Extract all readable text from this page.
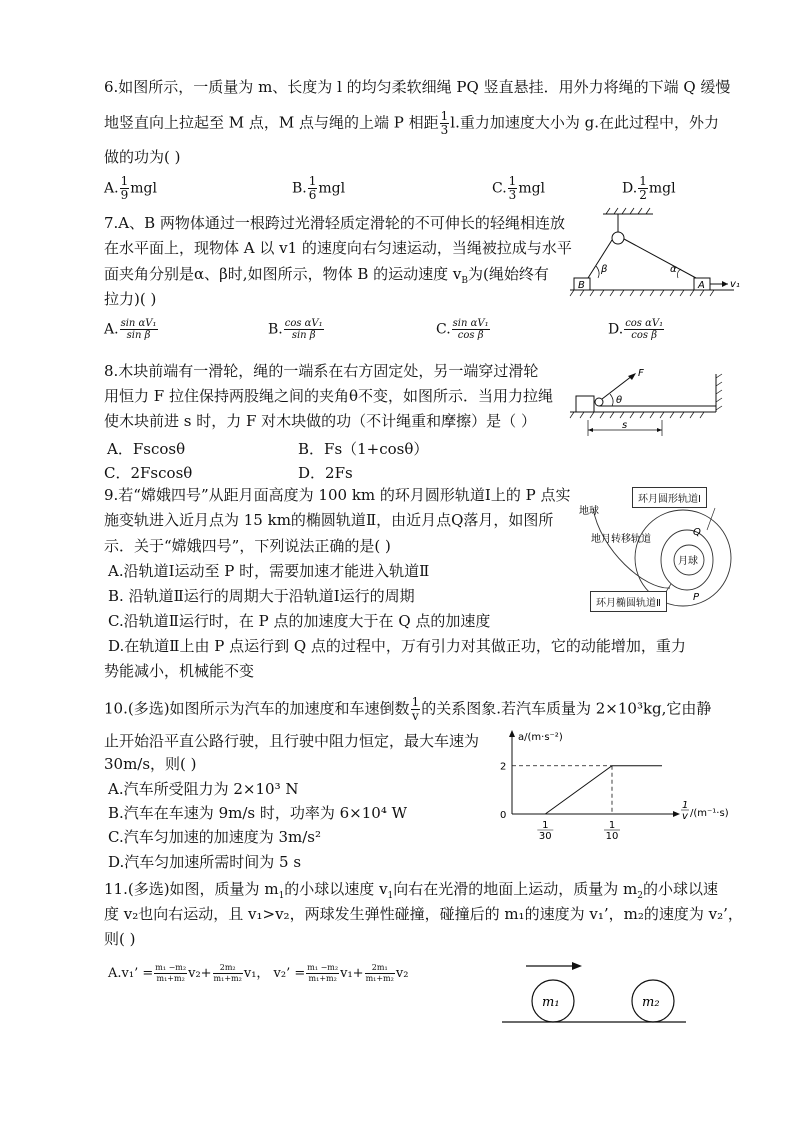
6.如图所示，一质量为 m、长度为 l 的均匀柔软细绳 PQ 竖直悬挂．用外力将绳的下端 Q 缓慢
地竖直向上拉起至 M 点，M 点与绳的上端 P 相距 $\frac{1}{3} l$.重力加速度大小为 g.在此过程中，外力
做的功为( )
A. $\frac{1}{9}$ mgl	B. $\frac{1}{6}$ mgl	C. $\frac{1}{3}$ mgl	D. $\frac{1}{2}$ mgl
7.A、B 两物体通过一根跨过光滑轻质定滑轮的不可伸长的轻绳相连放
在水平面上，现物体 A 以 v1 的速度向右匀速运动，当绳被拉成与水平
面夹角分别是α、β时,如图所示，物体 B 的运动速度 $v_B$为(绳始终有
拉力)( )
A. $\frac{\text{sin αV₁}}{\text{sin β}}$	B. $\frac{\text{cos αV₁}}{\text{sin β}}$	C. $\frac{\text{sin αV₁}}{\text{cos β}}$	D. $\frac{\text{cos αV₁}}{\text{cos β}}$
B	A
β	α
v₁
8.木块前端有一滑轮，绳的一端系在右方固定处，另一端穿过滑轮
用恒力 F 拉住保持两股绳之间的夹角θ不变，如图所示．当用力拉绳
使木块前进 s 时，力 F 对木块做的功（不计绳重和摩擦）是（ ）
A．Fscosθ	B．Fs（1+cosθ）
C．2Fscosθ	D．2Fs
F
θ
s
9.若“嫦娥四号”从距月面高度为 100 km 的环月圆形轨道Ⅰ上的 P 点实
施变轨进入近月点为 15 km的椭圆轨道Ⅱ，由近月点Q落月，如图所
示．关于“嫦娥四号”，下列说法正确的是( )
A.沿轨道Ⅰ运动至 P 时，需要加速才能进入轨道Ⅱ
B. 沿轨道Ⅱ运行的周期大于沿轨道Ⅰ运行的周期
C.沿轨道Ⅱ运行时，在 P 点的加速度大于在 Q 点的加速度
D.在轨道Ⅱ上由 P 点运行到 Q 点的过程中，万有引力对其做正功，它的动能增加，重力
势能减小，机械能不变
地球
地月转移轨道
月球
Q
P
环月圆形轨道Ⅰ
环月椭圆轨道Ⅱ
10.(多选)如图所示为汽车的加速度和车速倒数 $\frac{1}{v}$ 的关系图象.若汽车质量为 2×10³kg,它由静
止开始沿平直公路行驶，且行驶中阻力恒定，最大车速为
30m/s，则( )
A.汽车所受阻力为 2×10³ N
B.汽车在车速为 9m/s 时，功率为 6×10⁴ W
C.汽车匀加速的加速度为 3m/s²
D.汽车匀加速所需时间为 5 s
a/(m·s⁻²)
2
0
1
v /(m⁻¹·s)
1
30
1
10
11.(多选)如图，质量为 $m_1$的小球以速度 $v_1$向右在光滑的地面上运动，质量为 $m_2$的小球以速
度 v₂也向右运动，且 v₁>v₂，两球发生弹性碰撞，碰撞后的 m₁的速度为 v₁’，m₂的速度为 v₂’，
则( )
A.v₁’ = $\frac{\text{m₁ −m₂}}{\text{m₁+m₂}} v_2+ \frac{\text{2m₂}}{\text{m₁+m₂}} v_1$， v₂’ = $\frac{\text{m₁ −m₂}}{\text{m₁+m₂}} v_1+ \frac{\text{2m₁}}{\text{m₁+m₂}} v_2$
m₁	m₂
